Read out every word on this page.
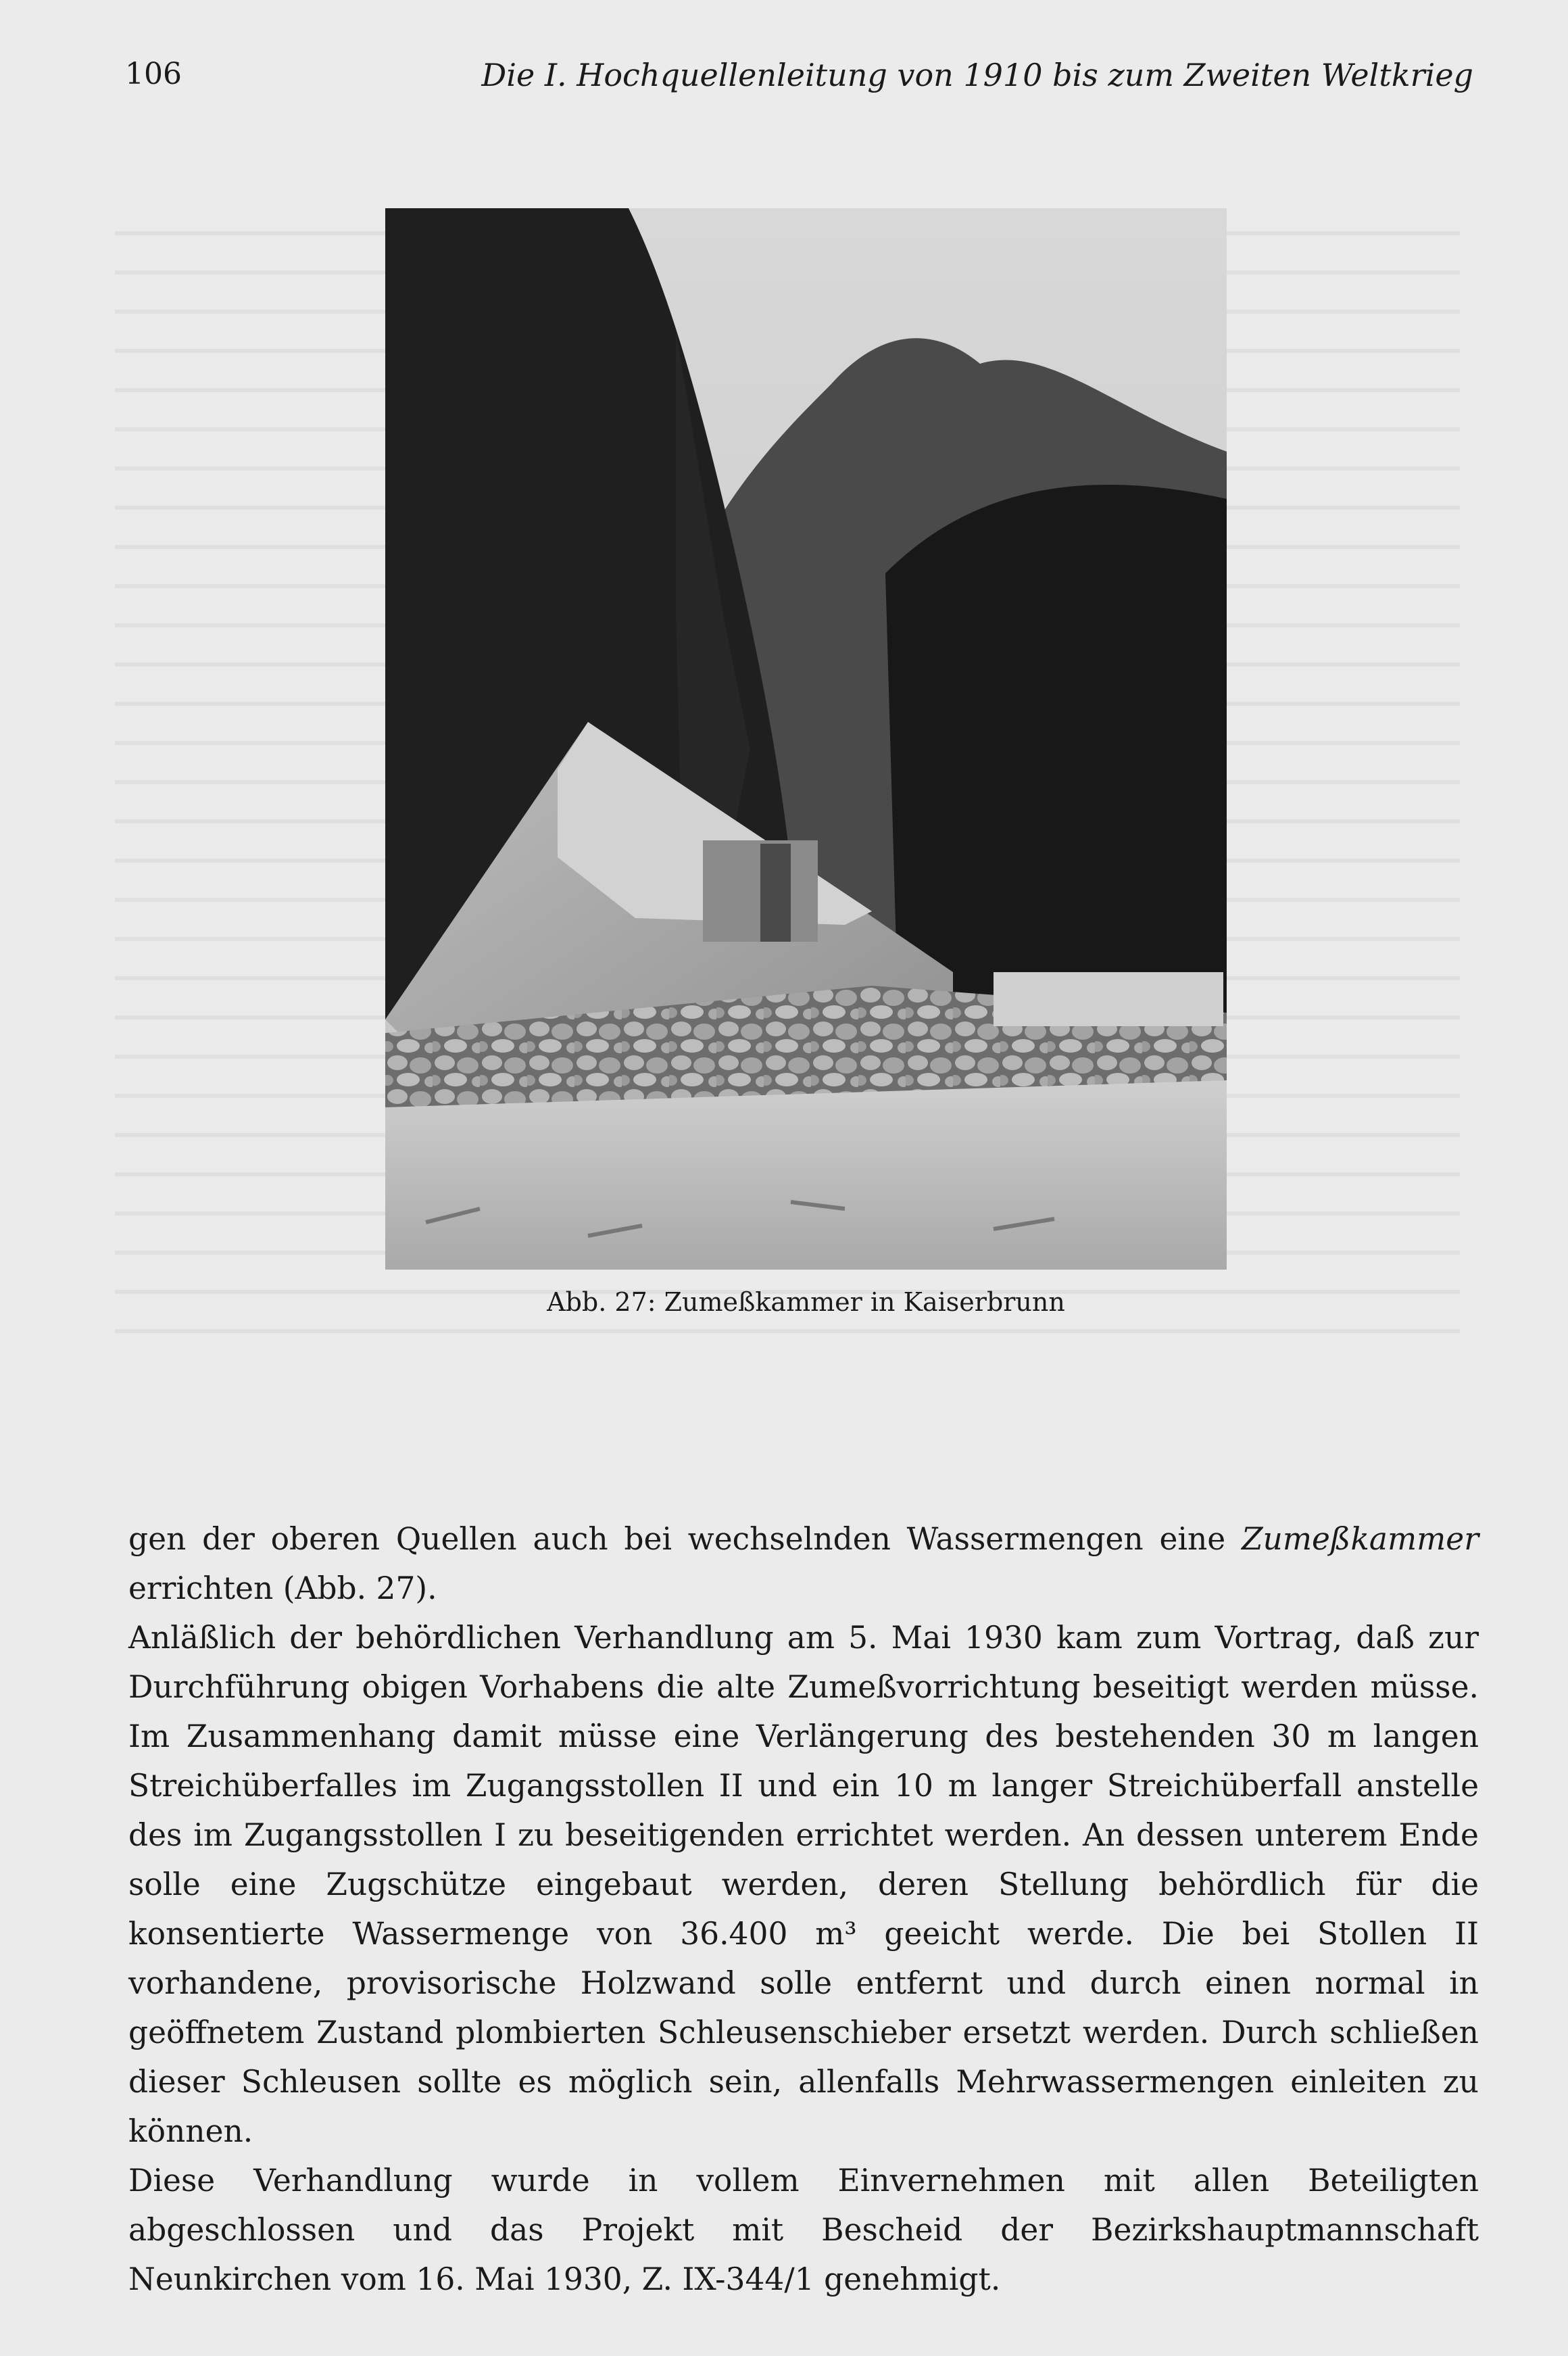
106	Die I. Hochquellenleitung von 1910 bis zum Zweiten Weltkrieg
Abb. 27: Zumeßkammer in Kaiserbrunn

gen der oberen Quellen auch bei wechselnden Wassermengen eine Zumeßkammer errichten (Abb. 27).

Anläßlich der behördlichen Verhandlung am 5. Mai 1930 kam zum Vortrag, daß zur Durchführung obigen Vorhabens die alte Zumeßvorrichtung beseitigt werden müsse. Im Zusammenhang damit müsse eine Verlängerung des bestehenden 30 m langen Streichüberfalles im Zugangsstollen II und ein 10 m langer Streichüberfall anstelle des im Zugangsstollen I zu beseitigenden errichtet werden. An dessen unterem Ende solle eine Zugschütze eingebaut werden, deren Stellung behördlich für die konsentierte Wassermenge von 36.400 m³ geeicht werde. Die bei Stollen II vorhandene, provisorische Holzwand solle entfernt und durch einen normal in geöffnetem Zustand plombierten Schleusenschieber ersetzt werden. Durch schließen dieser Schleusen sollte es möglich sein, allenfalls Mehrwassermengen einleiten zu können.

Diese Verhandlung wurde in vollem Einvernehmen mit allen Beteiligten abgeschlossen und das Projekt mit Bescheid der Bezirkshauptmannschaft Neunkirchen vom 16. Mai 1930, Z. IX-344/1 genehmigt.
